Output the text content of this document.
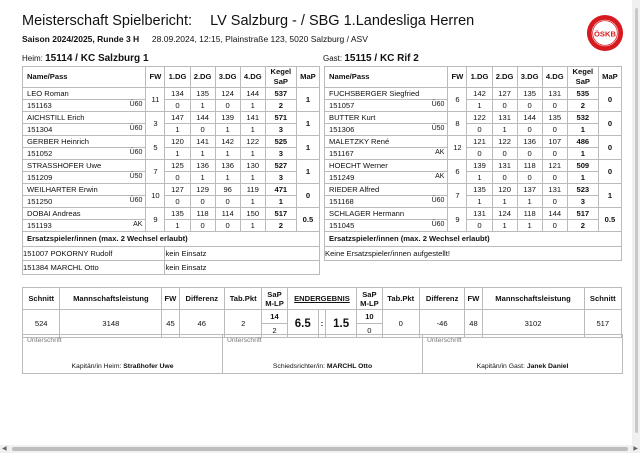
Meisterschaft Spielbericht: LV Salzburg - / SBG 1.Landesliga Herren
Saison 2024/2025, Runde 3 H 28.09.2024, 12:15, Plainstraße 123, 5020 Salzburg / ASV
ÖSKB
Heim: 15114 / KC Salzburg 1	Gast: 15115 / KC Rif 2
Name/Pass	FW	1.DG	2.DG	3.DG	4.DG	Kegel SaP	MaP
LEO Roman	11	134	135	124	144	537	1
151163 Ü60		0	1	0	1	2	
AICHSTILL Erich	3	147	144	139	141	571	1
151304 Ü60		1	0	1	1	3	
GERBER Heinrich	5	120	141	142	122	525	1
151052 Ü60		1	1	1	1	3	
STRASSHOFER Uwe	7	125	136	136	130	527	1
151209 Ü50		0	1	1	1	3	
WEILHARTER Erwin	10	127	129	96	119	471	0
151250 Ü60		0	0	0	1	1	
DOBAI Andreas	9	135	118	114	150	517	0.5
151193 AK		1	0	0	1	2	
Ersatzspieler/innen (max. 2 Wechsel erlaubt)							
151007 POKORNY Rudolf		kein Einsatz					
151384 MARCHL Otto		kein Einsatz					
Name/Pass	FW	1.DG	2.DG	3.DG	4.DG	Kegel SaP	MaP
FUCHSBERGER Siegfried	6	142	127	135	131	535	0
151057 Ü60		1	0	0	0	2	
BUTTER Kurt	8	122	131	144	135	532	0
151306 Ü50		0	1	0	0	1	
MALETZKY René	12	121	122	136	107	486	0
151167 AK		0	0	0	0	1	
HOECHT Werner	6	139	131	118	121	509	0
151249 AK		1	0	0	0	1	
RIEDER Alfred	7	135	120	137	131	523	1
151168 Ü60		1	1	1	0	3	
SCHLAGER Hermann	9	131	124	118	144	517	0.5
151045 Ü60		0	1	1	0	2	
Ersatzspieler/innen (max. 2 Wechsel erlaubt)							
Keine Ersatzspieler/innen aufgestellt!							
Schnitt	Mannschaftsleistung	FW	Differenz	Tab.Pkt	SaP
M-LP	ENDERGEBNIS			SaP
M-LP	Tab.Pkt	Differenz	FW	Mannschaftsleistung	Schnitt
524	3148	45	46	2	14	6.5	:	1.5	10	0	-46	48	3102	517
					2				0					
Unterschrift
Kapitän/in Heim: Straßhofer Uwe
Unterschrift
Schiedsrichter/in: MARCHL Otto
Unterschrift
Kapitän/in Gast: Janek Daniel
◀	▶
